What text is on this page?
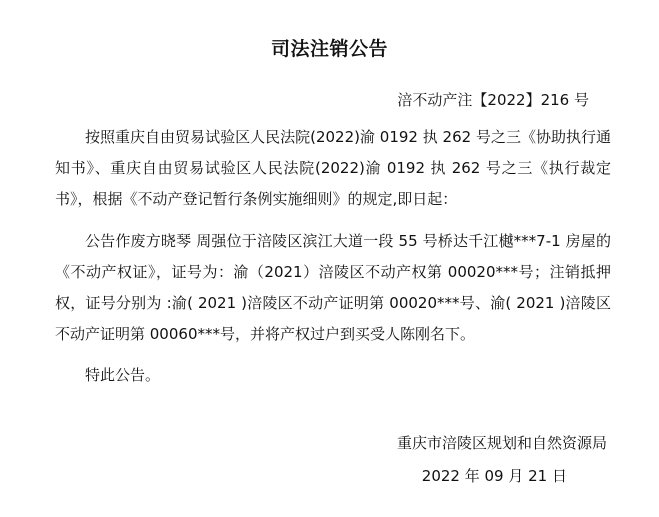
司法注销公告
涪不动产注【2022】216 号
按照重庆自由贸易试验区人民法院(2022)渝 0192 执 262 号之三《协助执行通知书》、重庆自由贸易试验区人民法院(2022)渝 0192 执 262 号之三《执行裁定书》，根据《不动产登记暂行条例实施细则》的规定,即日起：
公告作废方晓琴 周强位于涪陵区滨江大道一段 55 号桥达千江樾***7-1 房屋的《不动产权证》，证号为：渝（2021）涪陵区不动产权第 00020***号；注销抵押权，证号分别为 :渝( 2021 )涪陵区不动产证明第 00020***号、渝( 2021 )涪陵区不动产证明第 00060***号，并将产权过户到买受人陈刚名下。
特此公告。
重庆市涪陵区规划和自然资源局
2022 年 09 月 21 日
